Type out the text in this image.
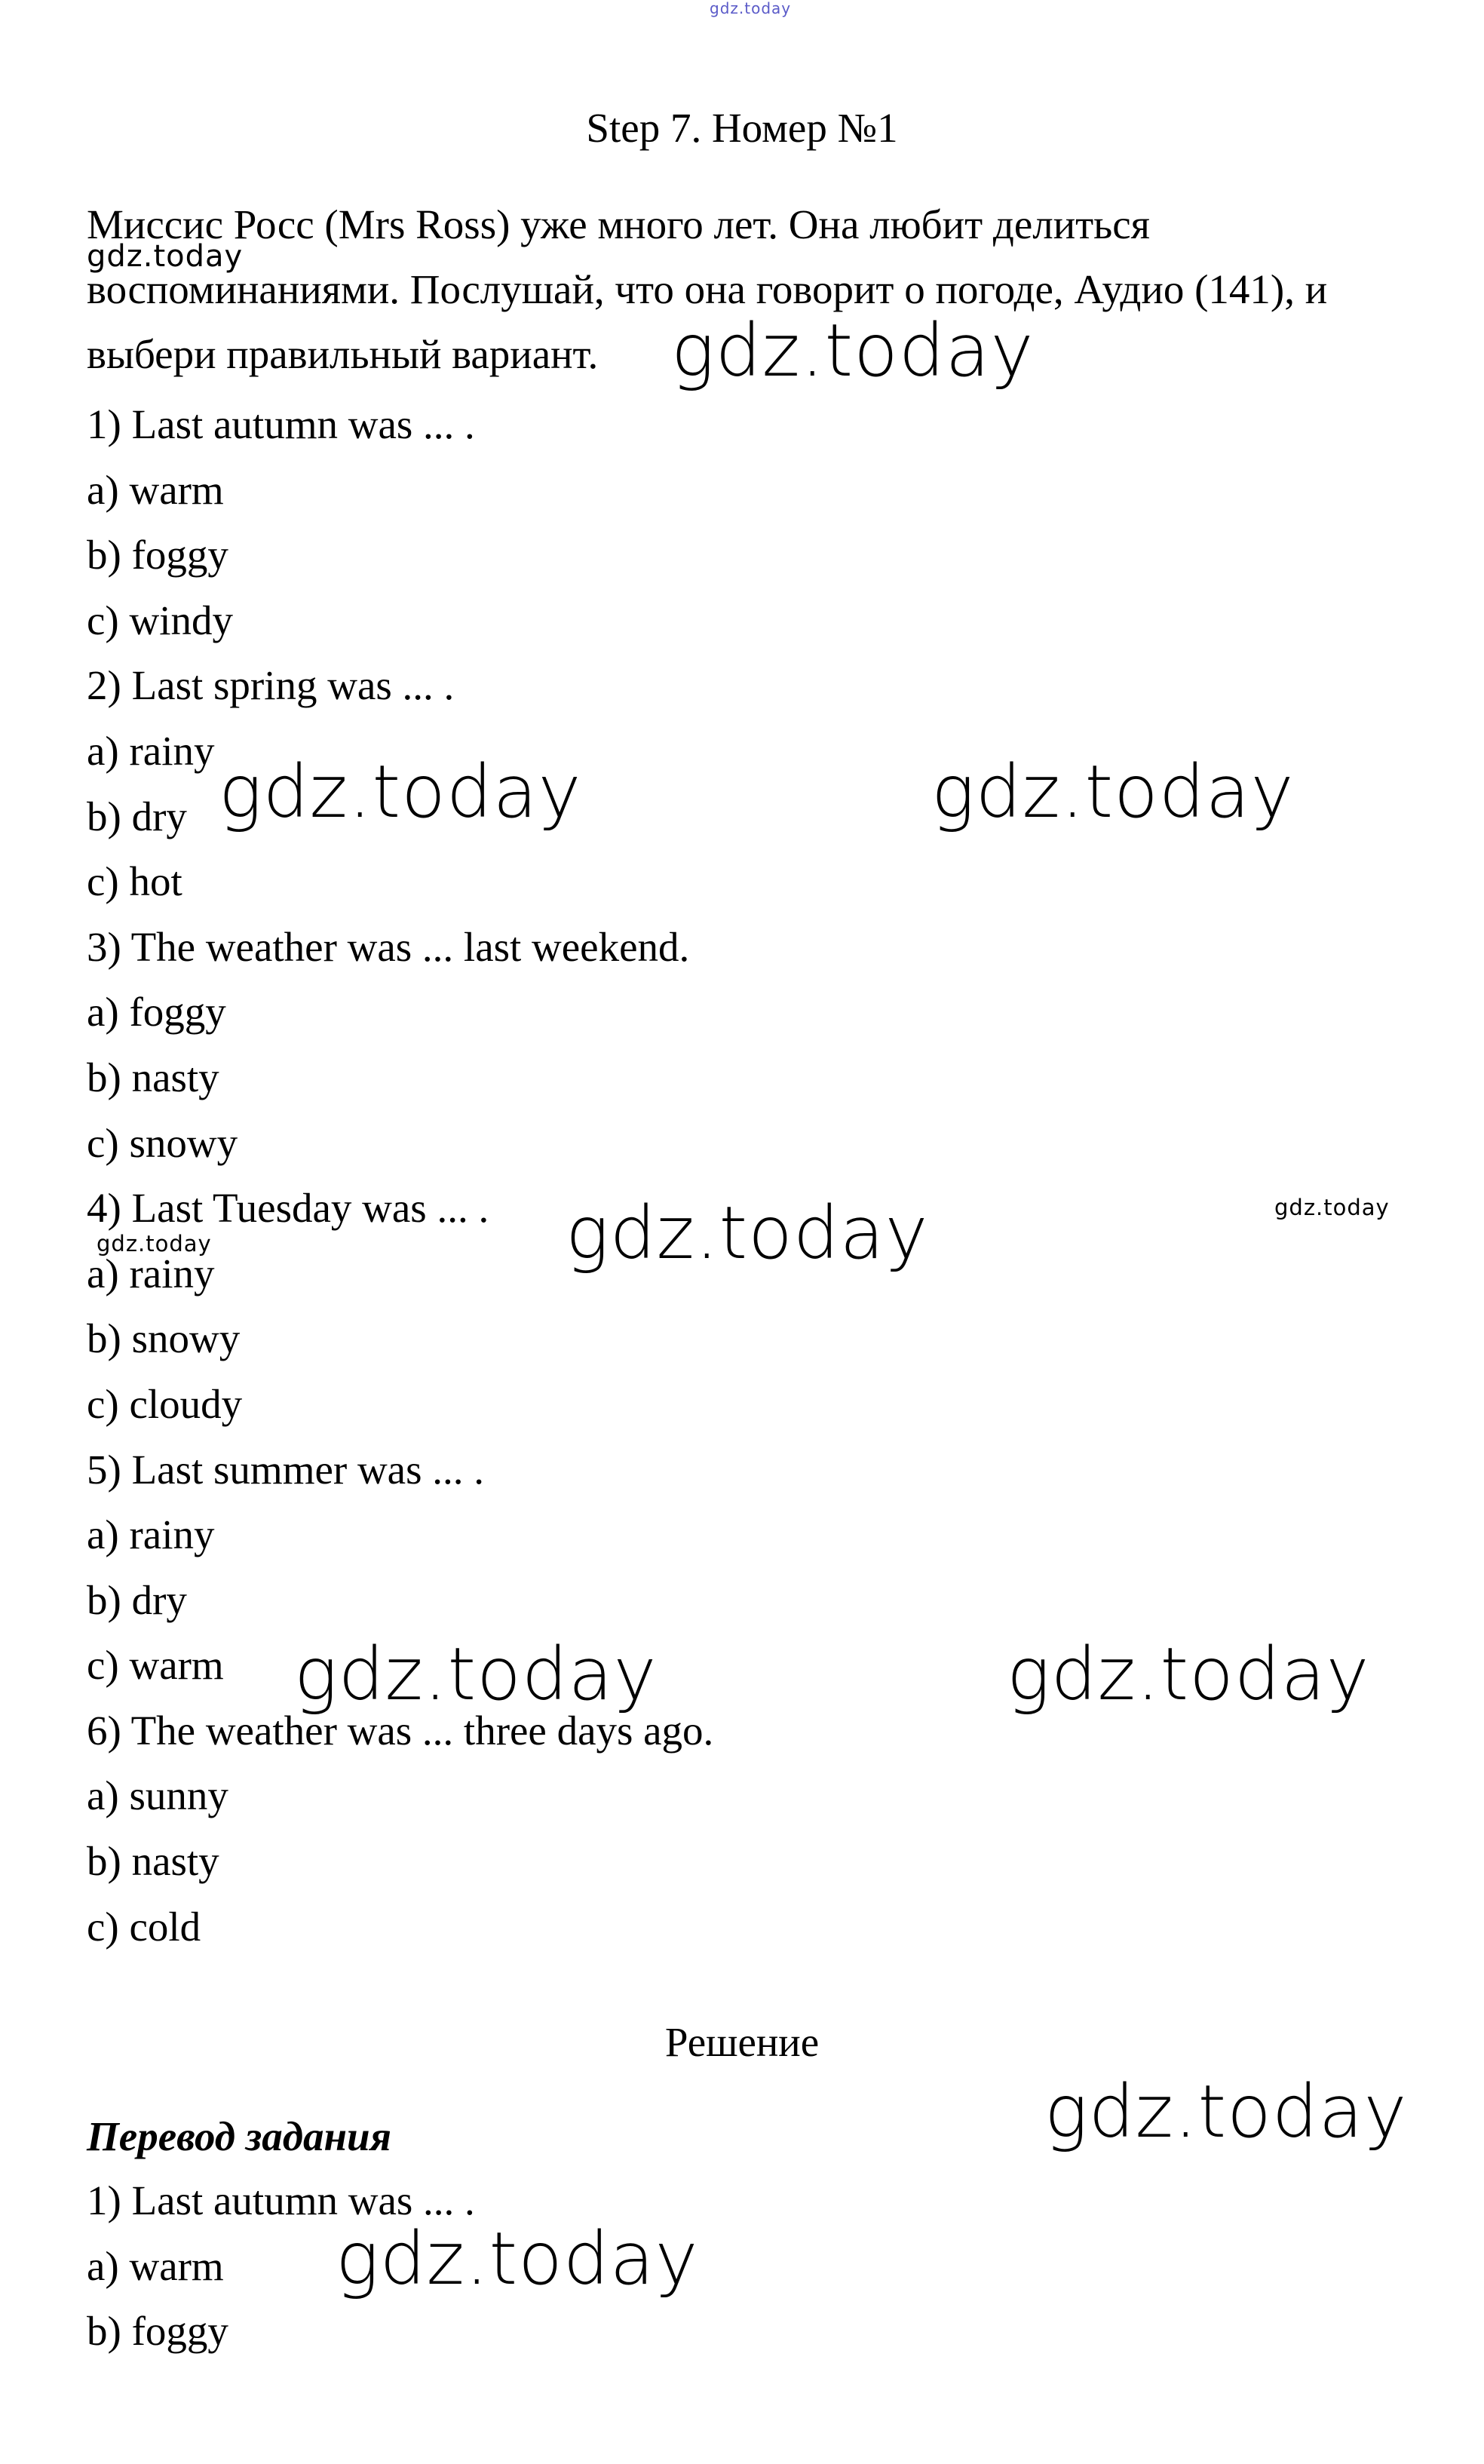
gdz.today
Step 7. Номер №1
Миссис Росс (Mrs Ross) уже много лет. Она любит делиться воспоминаниями. Послушай, что она говорит о погоде, Аудио (141), и выбери правильный вариант.
1) Last autumn was ... .
a) warm
b) foggy
c) windy
2) Last spring was ... .
a) rainy
b) dry
c) hot
3) The weather was ... last weekend.
a) foggy
b) nasty
c) snowy
4) Last Tuesday was ... .
a) rainy
b) snowy
c) cloudy
5) Last summer was ... .
a) rainy
b) dry
c) warm
6) The weather was ... three days ago.
a) sunny
b) nasty
c) cold
Решение
Перевод задания
1) Last autumn was ... .
a) warm
b) foggy
gdz.today
gdz.today
gdz.today	gdz.today
gdz.today	gdz.today
gdz.today
gdz.today	gdz.today
gdz.today
gdz.today
